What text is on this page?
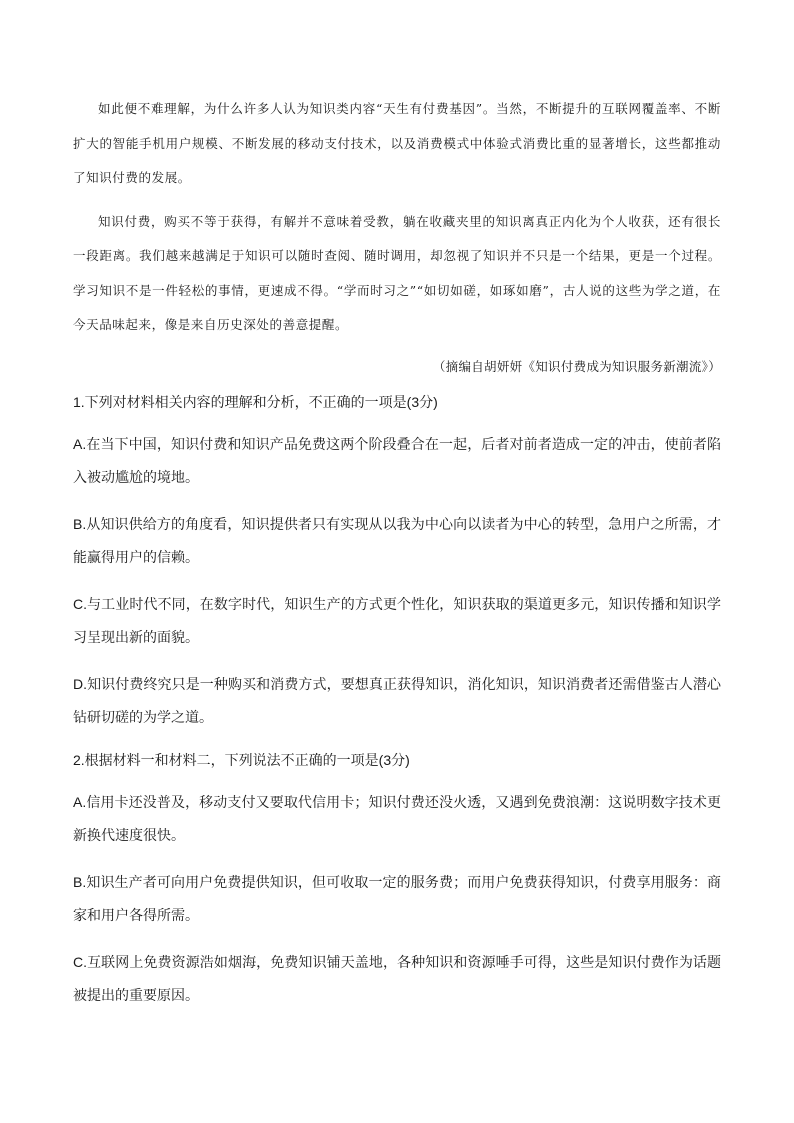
如此便不难理解，为什么许多人认为知识类内容“天生有付费基因”。当然，不断提升的互联网覆盖率、不断扩大的智能手机用户规模、不断发展的移动支付技术，以及消费模式中体验式消费比重的显著增长，这些都推动了知识付费的发展。

知识付费，购买不等于获得，有解并不意味着受教，躺在收藏夹里的知识离真正内化为个人收获，还有很长一段距离。我们越来越满足于知识可以随时查阅、随时调用，却忽视了知识并不只是一个结果，更是一个过程。学习知识不是一件轻松的事情，更速成不得。“学而时习之”“如切如磋，如琢如磨”，古人说的这些为学之道，在今天品味起来，像是来自历史深处的善意提醒。

（摘编自胡妍妍《知识付费成为知识服务新潮流》）

1.下列对材料相关内容的理解和分析，不正确的一项是(3分)

A.在当下中国，知识付费和知识产品免费这两个阶段叠合在一起，后者对前者造成一定的冲击，使前者陷入被动尴尬的境地。

B.从知识供给方的角度看，知识提供者只有实现从以我为中心向以读者为中心的转型，急用户之所需，才能赢得用户的信赖。

C.与工业时代不同，在数字时代，知识生产的方式更个性化，知识获取的渠道更多元，知识传播和知识学习呈现出新的面貌。

D.知识付费终究只是一种购买和消费方式，要想真正获得知识，消化知识，知识消费者还需借鉴古人潜心钻研切磋的为学之道。

2.根据材料一和材料二，下列说法不正确的一项是(3分)

A.信用卡还没普及，移动支付又要取代信用卡；知识付费还没火透，又遇到免费浪潮：这说明数字技术更新换代速度很快。

B.知识生产者可向用户免费提供知识，但可收取一定的服务费；而用户免费获得知识，付费享用服务：商家和用户各得所需。

C.互联网上免费资源浩如烟海，免费知识铺天盖地，各种知识和资源唾手可得，这些是知识付费作为话题被提出的重要原因。
